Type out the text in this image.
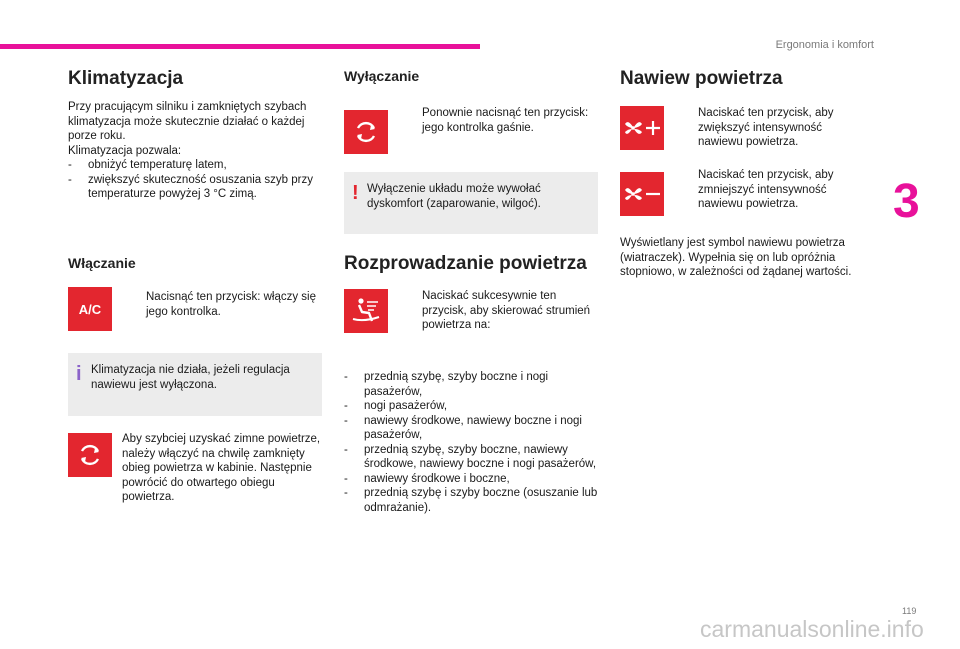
Ergonomia i komfort
3
Klimatyzacja

Przy pracującym silniku i zamkniętych szybach

klimatyzacja może skutecznie działać o każdej

porze roku.

Klimatyzacja pozwala:

- obniżyć temperaturę latem,
- zwiększyć skuteczność osuszania szyb przy temperaturze powyżej 3 °C zimą.
Włączanie
A/C
Nacisnąć ten przycisk: włączy się jego kontrolka.
i Klimatyzacja nie działa, jeżeli regulacja nawiewu jest wyłączona.
Aby szybciej uzyskać zimne powietrze, należy włączyć na chwilę zamknięty obieg powietrza w kabinie. Następnie powrócić do otwartego obiegu powietrza.
Wyłączanie
Ponownie nacisnąć ten przycisk: jego kontrolka gaśnie.
! Wyłączenie układu może wywołać dyskomfort (zaparowanie, wilgoć).
Rozprowadzanie powietrza
Naciskać sukcesywnie ten przycisk, aby skierować strumień powietrza na:
- przednią szybę, szyby boczne i nogi pasażerów,
- nogi pasażerów,
- nawiewy środkowe, nawiewy boczne i nogi pasażerów,
- przednią szybę, szyby boczne, nawiewy środkowe, nawiewy boczne i nogi pasażerów,
- nawiewy środkowe i boczne,
- przednią szybę i szyby boczne (osuszanie lub odmrażanie).
Nawiew powietrza
Naciskać ten przycisk, aby zwiększyć intensywność nawiewu powietrza.
Naciskać ten przycisk, aby zmniejszyć intensywność nawiewu powietrza.
Wyświetlany jest symbol nawiewu powietrza (wiatraczek). Wypełnia się on lub opróżnia stopniowo, w zależności od żądanej wartości.
119
carmanualsonline.info
